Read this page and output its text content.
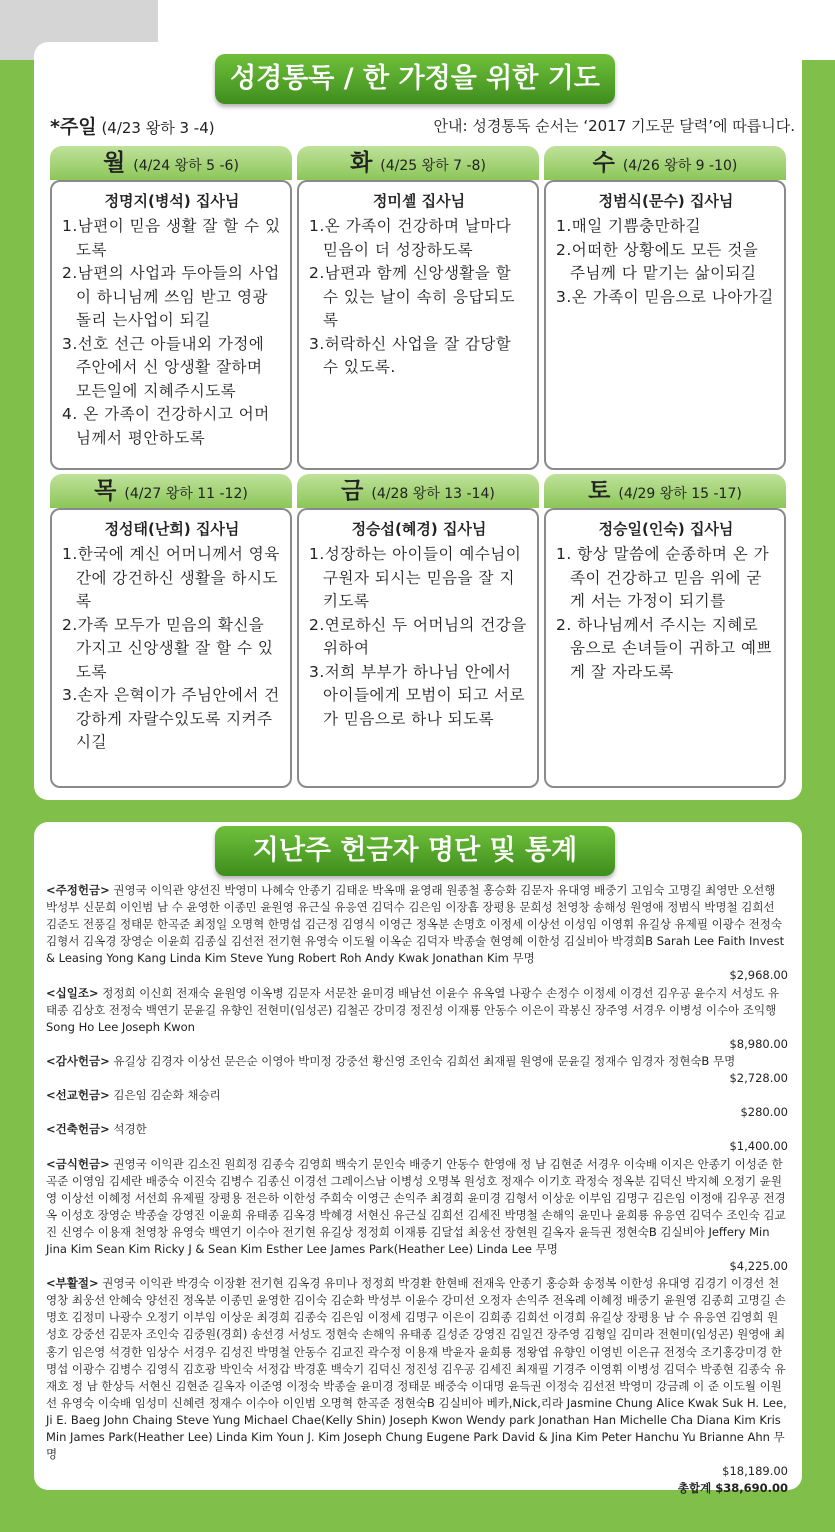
성경통독 / 한 가정을 위한 기도
*주일 (4/23 왕하 3 -4)	안내: 성경통독 순서는 ‘2017 기도문 달력’에 따릅니다.
월 (4/24 왕하 5 -6)
정명지(병석) 집사님
1.남편이 믿음 생활 잘 할 수 있도록
2.남편의 사업과 두아들의 사업 이 하니님께 쓰임 받고 영광 돌리 는사업이 되길
3.선호 선근 아들내외 가정에 주안에서 신 앙생활 잘하며 모든일에 지혜주시도록
4. 온 가족이 건강하시고 어머님께서 평안하도록
화 (4/25 왕하 7 -8)
정미셸 집사님
1.온 가족이 건강하며 날마다 믿음이 더 성장하도록
2.남편과 함께 신앙생활을 할 수 있는 날이 속히 응답되도록
3.허락하신 사업을 잘 감당할 수 있도록.
수 (4/26 왕하 9 -10)
정범식(문수) 집사님
1.매일 기쁨충만하길
2.어떠한 상황에도 모든 것을 주님께 다 맡기는 삶이되길
3.온 가족이 믿음으로 나아가길
목 (4/27 왕하 11 -12)
정성태(난희) 집사님
1.한국에 계신 어머니께서 영육간에 강건하신 생활을 하시도록
2.가족 모두가 믿음의 확신을 가지고 신앙생활 잘 할 수 있도록
3.손자 은혁이가 주님안에서 건강하게 자랄수있도록 지켜주시길
금 (4/28 왕하 13 -14)
정승섭(혜경) 집사님
1.성장하는 아이들이 예수님이 구원자 되시는 믿음을 잘 지키도록
2.연로하신 두 어머님의 건강을 위하여
3.저희 부부가 하나님 안에서 아이들에게 모범이 되고 서로가 믿음으로 하나 되도록
토 (4/29 왕하 15 -17)
정승일(인숙) 집사님
1. 항상 말씀에 순종하며 온 가족이 건강하고 믿음 위에 굳게 서는 가정이 되기를
2. 하나님께서 주시는 지혜로 움으로 손녀들이 귀하고 예쁘게 잘 자라도록
지난주 헌금자 명단 및 통계
<주정헌금> 권영국 이익관 양선진 박영미 나혜숙 안종기 김태운 박옥매 윤영래 원종철 홍승화 김문자 유대영 배중기 고임숙 고명길 최영만 오선행 박성부 신문희 이인범 남 수 윤영한 이종민 윤원영 유근실 유응연 김덕수 김은임 이장흠 장평용 문희성 천영창 송해성 원영애 정범식 박명철 김희선 김준도 전풍길 정태문 한곡준 최정일 오명혁 한명섭 김근정 김영식 이영근 정옥분 손명호 이정세 이상선 이성임 이영휘 유길상 유제필 이광수 전정숙 김형서 김옥경 장영순 이윤희 김종실 김선전 전기현 유영숙 이도월 이옥순 김덕자 박종술 현영혜 이한성 김실비아 박경희B Sarah Lee Faith Invest & Leasing Yong Kang Linda Kim Steve Yung Robert Roh Andy Kwak Jonathan Kim 무명
$2,968.00
<십일조> 정정희 이신희 전재숙 윤원영 이옥병 김문자 서문찬 윤미경 배남선 이윤수 유옥열 나광수 손정수 이정세 이경선 김우공 윤수지 서성도 유태종 김상호 전정숙 백연기 문윤길 유향인 전현미(임성곤) 김철곤 강미경 정진성 이재룡 안동수 이은이 곽봉신 장주영 서경우 이병성 이수아 조익행 Song Ho Lee Joseph Kwon
$8,980.00
<감사헌금> 유길상 김경자 이상선 문은순 이영아 박미정 강중선 황신영 조인숙 김희선 최재필 원영애 문윤길 정재수 임경자 정현숙B 무명
$2,728.00
<선교헌금> 김은임 김순화 채승리
$280.00
<건축헌금> 석경한
$1,400.00
<금식헌금> 권영국 이익관 김소진 원희정 김종숙 김영희 백숙기 문인숙 배중기 안동수 한영애 정 남 김현준 서경우 이숙배 이지은 안종기 이성준 한곡준 이영임 김세란 배중숙 이진숙 김병수 김종신 이경선 그레이스남 이병성 오명복 원성호 정재수 이기호 곽정숙 정옥분 김덕신 박지혜 오정기 윤원영 이상선 이혜정 서선희 유제필 장평용 전은하 이한성 주희숙 이영근 손익주 최경희 윤미경 김형서 이상운 이부임 김명구 김은임 이정애 김우공 전경옥 이성호 장영순 박종술 강영진 이윤희 유태종 김옥경 박혜경 서현신 유근실 김희선 김세진 박명철 손해익 윤민나 윤희룡 유응연 김덕수 조인숙 김교진 신영수 이용재 천영창 유영숙 백연기 이수아 전기현 유길상 정정희 이재룡 김달섭 최웅선 장현원 길옥자 윤득권 정현숙B 김실비아 Jeffery Min Jina Kim Sean Kim Ricky J & Sean Kim Esther Lee James Park(Heather Lee) Linda Lee 무명
$4,225.00
<부활절> 권영국 이익관 박경숙 이장환 전기현 김옥경 유미나 정정희 박경환 한현배 전재욱 안종기 홍승화 송정복 이한성 유대영 김경기 이경선 천영창 최웅선 안혜숙 양선진 정옥분 이종민 윤영한 김이숙 김순화 박성부 이윤수 강미선 오정자 손익주 전옥례 이혜정 배중기 윤원영 김종희 고명길 손명호 김정미 나광수 오정기 이부임 이상운 최경희 김종숙 김은임 이정세 김명구 이은이 김희종 김희선 이경희 유길상 장평용 남 수 유응연 김영희 원성호 강중선 김문자 조인숙 김중원(경희) 송선경 서성도 정현숙 손해익 유태종 길성준 강영진 김일건 장주영 김형일 김미라 전현미(임성곤) 원영애 최홍기 임은영 석경한 임상수 서경우 김성진 박명철 안동수 김교진 곽수정 이용재 박윤자 윤희룡 정왕엽 유향인 이영빈 이은규 전정숙 조기홍강미경 한명섭 이광수 김병수 김영식 김호광 박인숙 서정갑 박경훈 백숙기 김덕신 정진성 김우공 김세진 최재필 기경주 이영휘 이병성 김덕수 박종현 김종숙 유재호 정 남 한상득 서현신 김현준 길옥자 이준영 이정숙 박종술 윤미경 정태문 배중숙 이대명 윤득권 이정숙 김선전 박영미 강금례 이 준 이도월 이원선 유영숙 이숙배 임성미 신혜련 정재수 이수아 이인범 오명혁 한곡준 정현숙B 김실비아 베카,Nick,리라 Jasmine Chung Alice Kwak Suk H. Lee, Ji E. Baeg John Chaing Steve Yung Michael Chae(Kelly Shin) Joseph Kwon Wendy park Jonathan Han Michelle Cha Diana Kim Kris Min James Park(Heather Lee) Linda Kim Youn J. Kim Joseph Chung Eugene Park David & Jina Kim Peter Hanchu Yu Brianne Ahn 무명
$18,189.00
총합계 $38,690.00
